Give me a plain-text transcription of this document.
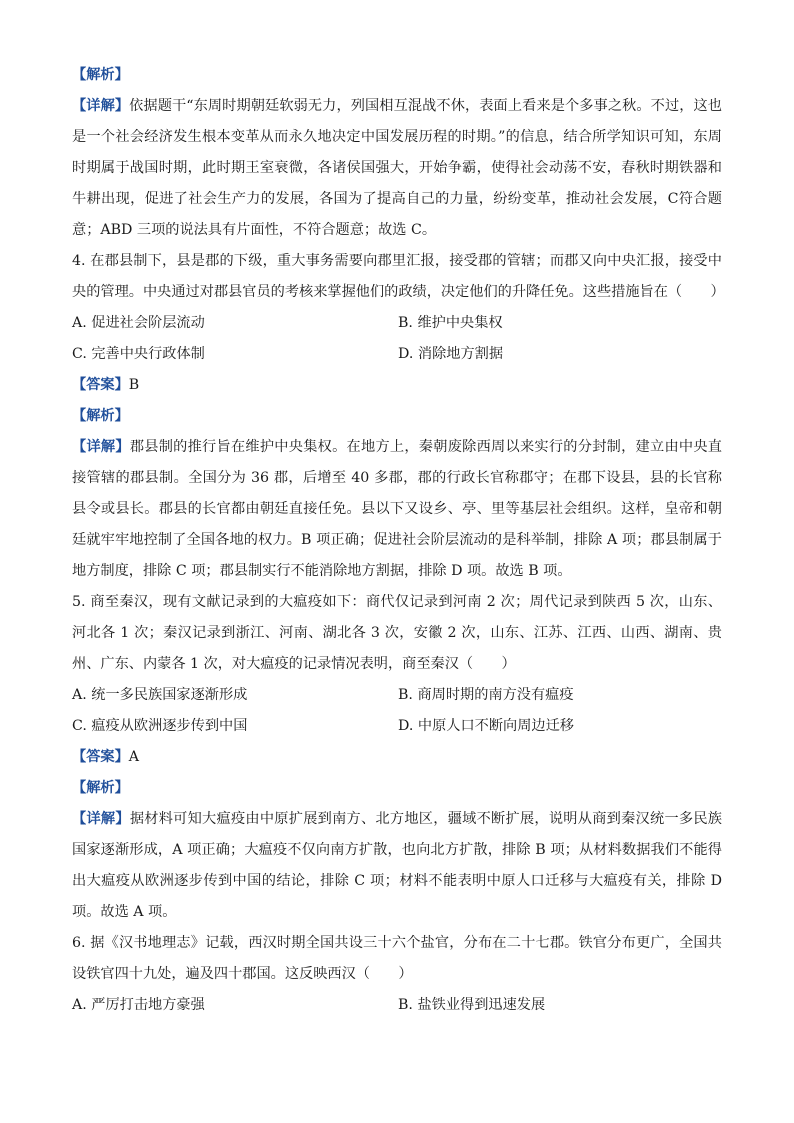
【解析】
【详解】依据题干“东周时期朝廷软弱无力，列国相互混战不休，表面上看来是个多事之秋。不过，这也是一个社会经济发生根本变革从而永久地决定中国发展历程的时期。”的信息，结合所学知识可知，东周时期属于战国时期，此时期王室衰微，各诸侯国强大，开始争霸，使得社会动荡不安，春秋时期铁器和牛耕出现，促进了社会生产力的发展，各国为了提高自己的力量，纷纷变革，推动社会发展，C符合题意；ABD 三项的说法具有片面性，不符合题意；故选 C。
4. 在郡县制下，县是郡的下级，重大事务需要向郡里汇报，接受郡的管辖；而郡又向中央汇报，接受中央的管理。中央通过对郡县官员的考核来掌握他们的政绩，决定他们的升降任免。这些措施旨在（　　）
A. 促进社会阶层流动	B. 维护中央集权
C. 完善中央行政体制	D. 消除地方割据
【答案】B
【解析】
【详解】郡县制的推行旨在维护中央集权。在地方上，秦朝废除西周以来实行的分封制，建立由中央直接管辖的郡县制。全国分为 36 郡，后增至 40 多郡，郡的行政长官称郡守；在郡下设县，县的长官称县令或县长。郡县的长官都由朝廷直接任免。县以下又设乡、亭、里等基层社会组织。这样，皇帝和朝廷就牢牢地控制了全国各地的权力。B 项正确；促进社会阶层流动的是科举制，排除 A 项；郡县制属于地方制度，排除 C 项；郡县制实行不能消除地方割据，排除 D 项。故选 B 项。
5. 商至秦汉，现有文献记录到的大瘟疫如下：商代仅记录到河南 2 次；周代记录到陕西 5 次，山东、河北各 1 次；秦汉记录到浙江、河南、湖北各 3 次，安徽 2 次，山东、江苏、江西、山西、湖南、贵州、广东、内蒙各 1 次，对大瘟疫的记录情况表明，商至秦汉（　　）
A. 统一多民族国家逐渐形成	B. 商周时期的南方没有瘟疫
C. 瘟疫从欧洲逐步传到中国	D. 中原人口不断向周边迁移
【答案】A
【解析】
【详解】据材料可知大瘟疫由中原扩展到南方、北方地区，疆域不断扩展，说明从商到秦汉统一多民族国家逐渐形成，A 项正确；大瘟疫不仅向南方扩散，也向北方扩散，排除 B 项；从材料数据我们不能得出大瘟疫从欧洲逐步传到中国的结论，排除 C 项；材料不能表明中原人口迁移与大瘟疫有关，排除 D 项。故选 A 项。
6. 据《汉书地理志》记载，西汉时期全国共设三十六个盐官，分布在二十七郡。铁官分布更广，全国共设铁官四十九处，遍及四十郡国。这反映西汉（　　）
A. 严厉打击地方豪强	B. 盐铁业得到迅速发展
